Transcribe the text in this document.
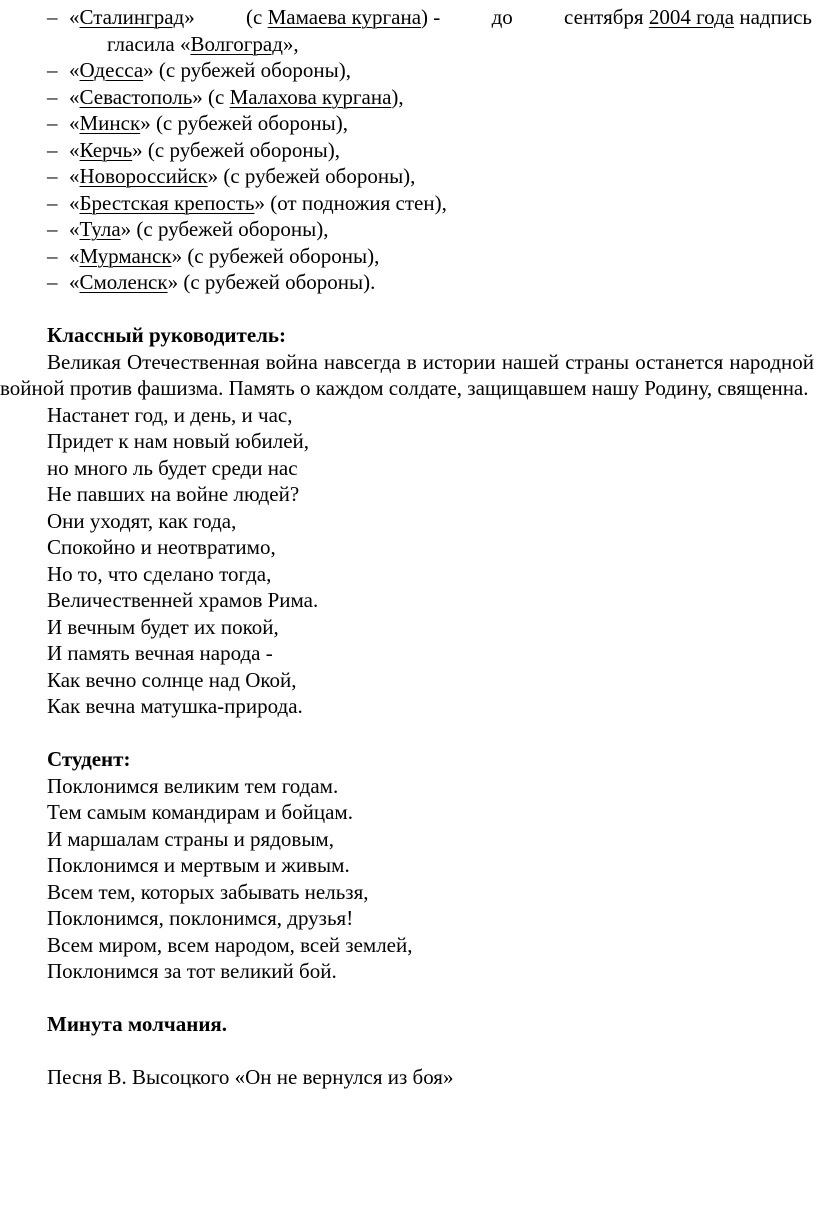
– «Сталинград» (с Мамаева кургана) - до сентября 2004 года надпись
гласила «Волгоград»,
– «Одесса» (с рубежей обороны),
– «Севастополь» (с Малахова кургана),
– «Минск» (с рубежей обороны),
– «Керчь» (с рубежей обороны),
– «Новороссийск» (с рубежей обороны),
– «Брестская крепость» (от подножия стен),
– «Тула» (с рубежей обороны),
– «Мурманск» (с рубежей обороны),
– «Смоленск» (с рубежей обороны).
Классный руководитель:

Великая Отечественная война навсегда в истории нашей страны останется народной войной против фашизма. Память о каждом солдате, защищавшем нашу Родину, священна.

Настанет год, и день, и час,
Придет к нам новый юбилей,
но много ль будет среди нас
Не павших на войне людей?
Они уходят, как года,
Спокойно и неотвратимо,
Но то, что сделано тогда,
Величественней храмов Рима.
И вечным будет их покой,
И память вечная народа -
Как вечно солнце над Окой,
Как вечна матушка-природа.
Студент:
Поклонимся великим тем годам.
Тем самым командирам и бойцам.
И маршалам страны и рядовым,
Поклонимся и мертвым и живым.
Всем тем, которых забывать нельзя,
Поклонимся, поклонимся, друзья!
Всем миром, всем народом, всей землей,
Поклонимся за тот великий бой.
Минута молчания.
Песня В. Высоцкого «Он не вернулся из боя»
